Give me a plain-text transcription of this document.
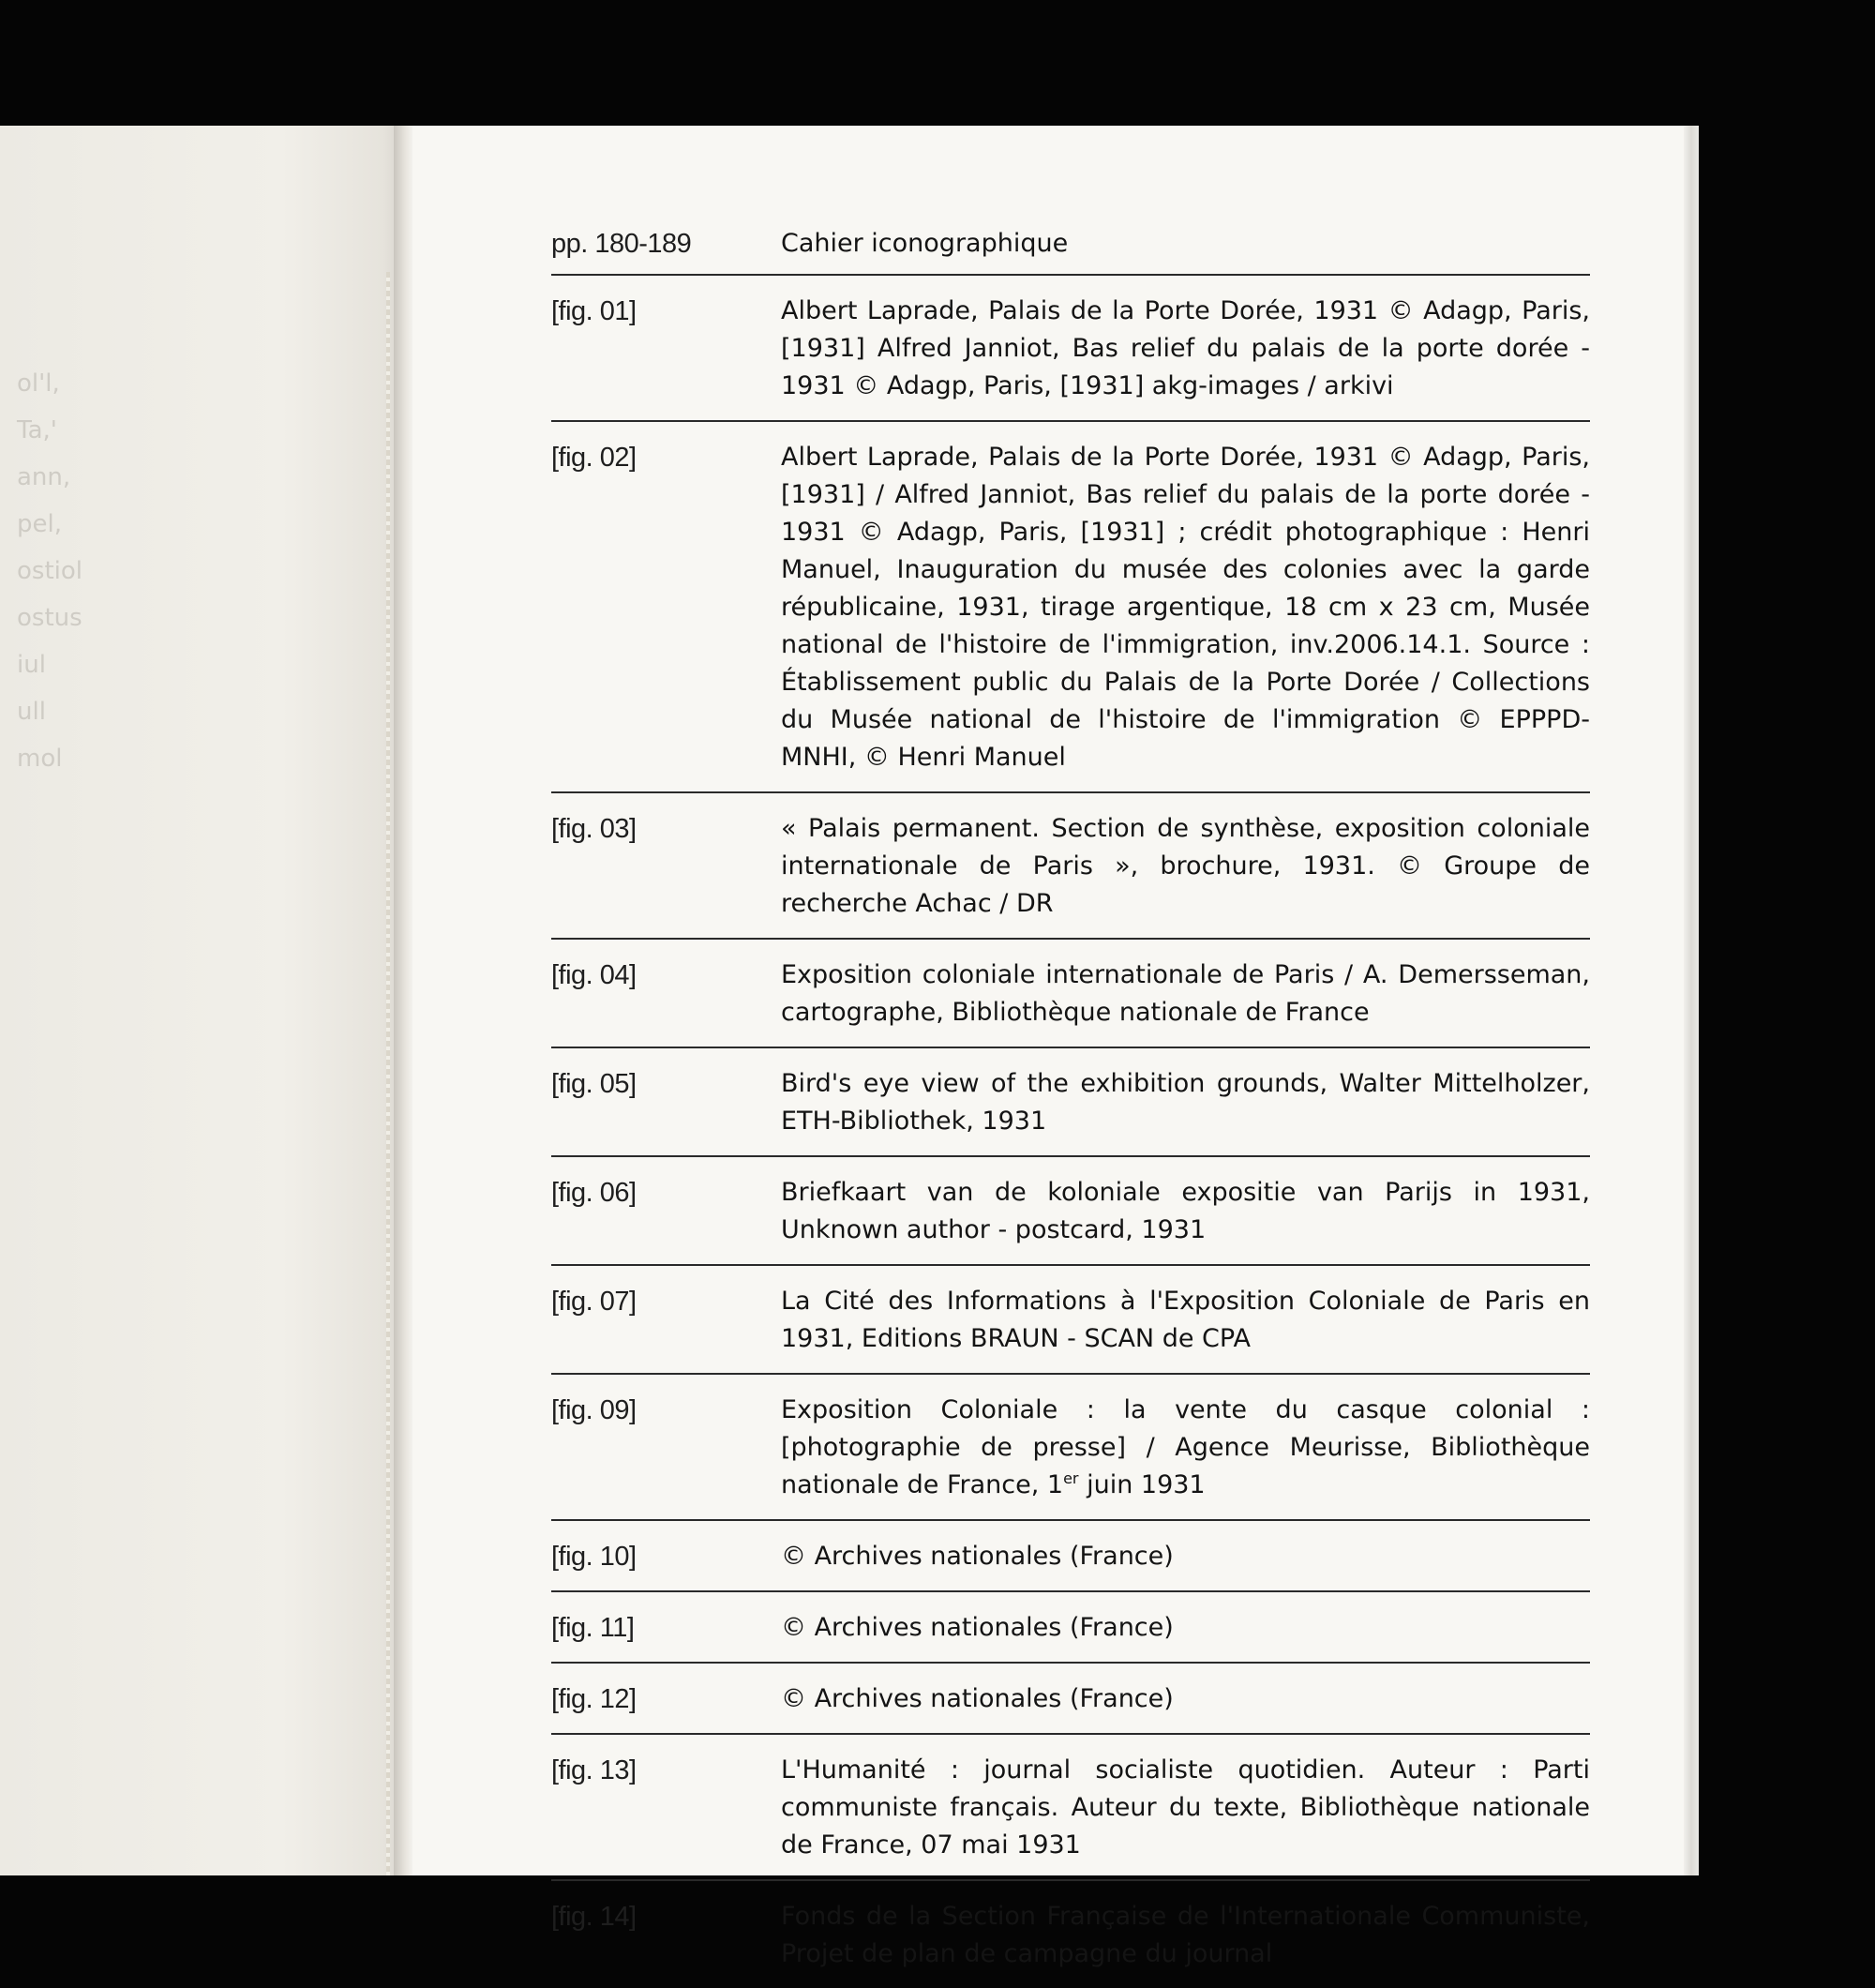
ol'l,
Ta,'
ann,
pel,
ostiol
ostus
iul
ull
mol
pp. 180-189	Cahier iconographique
[fig. 01]	Albert Laprade, Palais de la Porte Dorée, 1931 © Adagp, Paris, [1931] Alfred Janniot, Bas relief du palais de la porte dorée - 1931 © Adagp, Paris, [1931] akg-images / arkivi
[fig. 02]	Albert Laprade, Palais de la Porte Dorée, 1931 © Adagp, Paris, [1931] / Alfred Janniot, Bas relief du palais de la porte dorée - 1931 © Adagp, Paris, [1931] ; crédit photographique : Henri Manuel, Inauguration du musée des colonies avec la garde républicaine, 1931, tirage argentique, 18 cm x 23 cm, Musée national de l'histoire de l'immigration, inv.2006.14.1. Source : Établissement public du Palais de la Porte Dorée / Collections du Musée national de l'histoire de l'immigration © EPPPD-MNHI, © Henri Manuel
[fig. 03]	« Palais permanent. Section de synthèse, exposition coloniale internationale de Paris », brochure, 1931. © Groupe de recherche Achac / DR
[fig. 04]	Exposition coloniale internationale de Paris / A. Demersseman, cartographe, Bibliothèque nationale de France
[fig. 05]	Bird's eye view of the exhibition grounds, Walter Mittelholzer, ETH-Bibliothek, 1931
[fig. 06]	Briefkaart van de koloniale expositie van Parijs in 1931, Unknown author - postcard, 1931
[fig. 07]	La Cité des Informations à l'Exposition Coloniale de Paris en 1931, Editions BRAUN - SCAN de CPA
[fig. 09]	Exposition Coloniale : la vente du casque colonial : [photographie de presse] / Agence Meurisse, Bibliothèque nationale de France, 1er juin 1931
[fig. 10]	© Archives nationales (France)
[fig. 11]	© Archives nationales (France)
[fig. 12]	© Archives nationales (France)
[fig. 13]	L'Humanité : journal socialiste quotidien. Auteur : Parti communiste français. Auteur du texte, Bibliothèque nationale de France, 07 mai 1931
[fig. 14]	Fonds de la Section Française de l'Internationale Communiste, Projet de plan de campagne du journal
